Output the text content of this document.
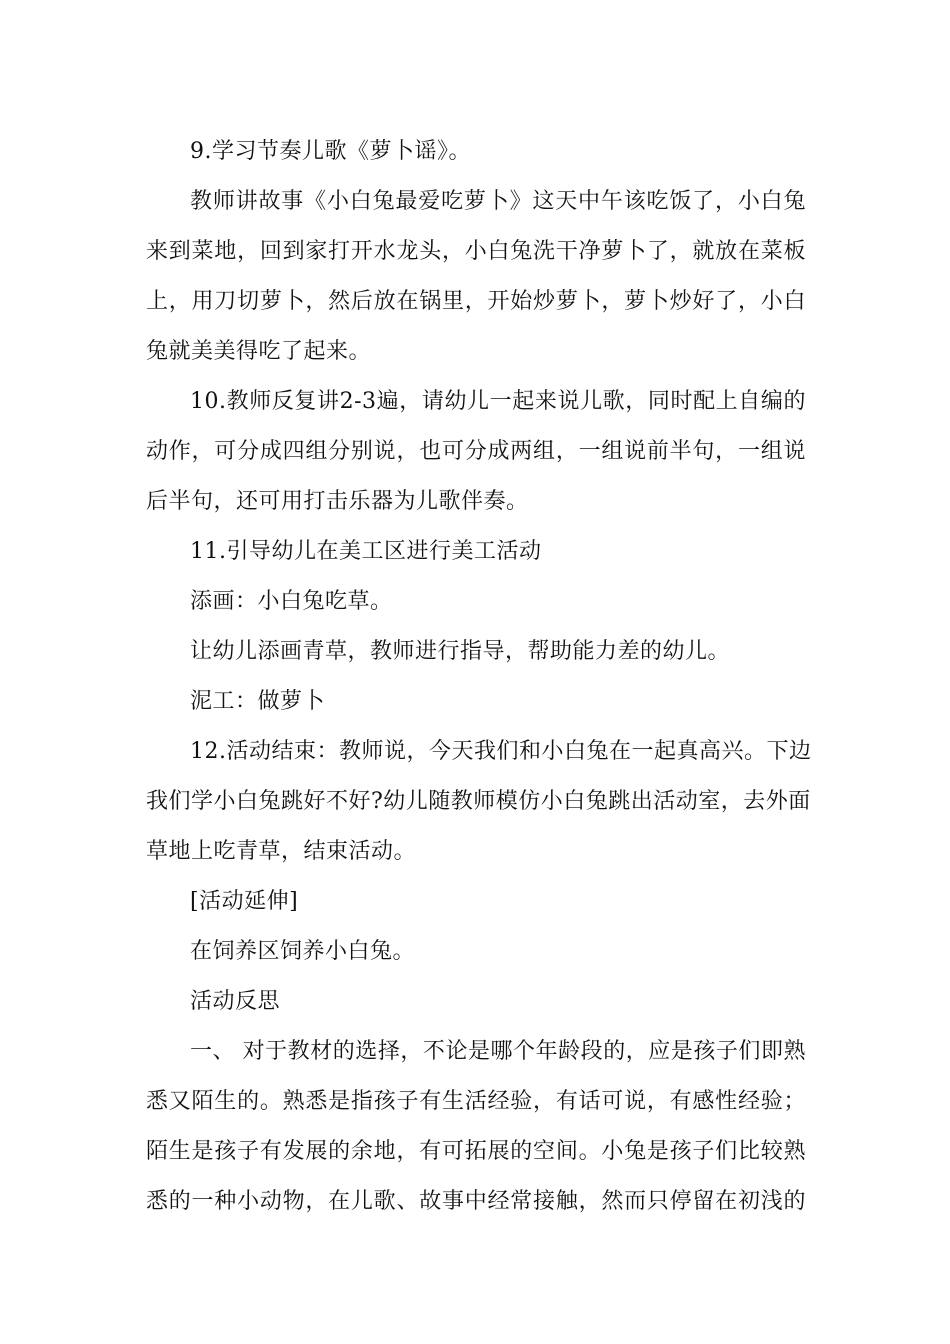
9.学习节奏儿歌《萝卜谣》。
教师讲故事《小白兔最爱吃萝卜》这天中午该吃饭了，小白兔
来到菜地，回到家打开水龙头，小白兔洗干净萝卜了，就放在菜板
上，用刀切萝卜，然后放在锅里，开始炒萝卜，萝卜炒好了，小白
兔就美美得吃了起来。
10.教师反复讲2-3遍，请幼儿一起来说儿歌，同时配上自编的
动作，可分成四组分别说，也可分成两组，一组说前半句，一组说
后半句，还可用打击乐器为儿歌伴奏。
11.引导幼儿在美工区进行美工活动
添画：小白兔吃草。
让幼儿添画青草，教师进行指导，帮助能力差的幼儿。
泥工：做萝卜
12.活动结束：教师说，今天我们和小白兔在一起真高兴。下边
我们学小白兔跳好不好?幼儿随教师模仿小白兔跳出活动室，去外面
草地上吃青草，结束活动。
[活动延伸]
在饲养区饲养小白兔。
活动反思
一、 对于教材的选择，不论是哪个年龄段的，应是孩子们即熟
悉又陌生的。熟悉是指孩子有生活经验，有话可说，有感性经验；
陌生是孩子有发展的余地，有可拓展的空间。小兔是孩子们比较熟
悉的一种小动物，在儿歌、故事中经常接触，然而只停留在初浅的
